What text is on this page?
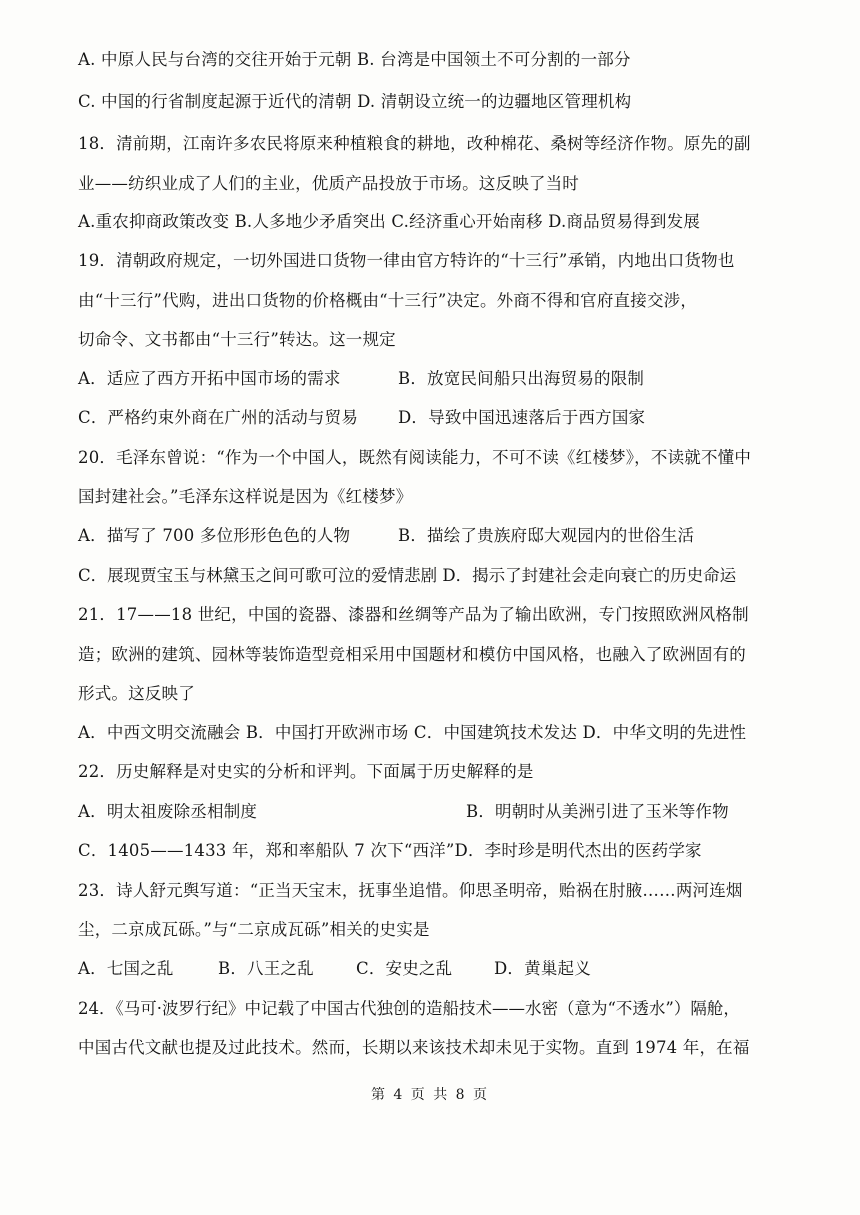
A. 中原人民与台湾的交往开始于元朝 B. 台湾是中国领土不可分割的一部分
C. 中国的行省制度起源于近代的清朝 D. 清朝设立统一的边疆地区管理机构
18．清前期，江南许多农民将原来种植粮食的耕地，改种棉花、桑树等经济作物。原先的副
业——纺织业成了人们的主业，优质产品投放于市场。这反映了当时
A.重农抑商政策改变 B.人多地少矛盾突出 C.经济重心开始南移 D.商品贸易得到发展
19．清朝政府规定，一切外国进口货物一律由官方特许的“十三行”承销，内地出口货物也
由“十三行”代购，进出口货物的价格概由“十三行”决定。外商不得和官府直接交涉，
切命令、文书都由“十三行”转达。这一规定
A．适应了西方开拓中国市场的需求	B．放宽民间船只出海贸易的限制
C．严格约束外商在广州的活动与贸易	D．导致中国迅速落后于西方国家
20．毛泽东曾说：“作为一个中国人，既然有阅读能力，不可不读《红楼梦》，不读就不懂中
国封建社会。”毛泽东这样说是因为《红楼梦》
A．描写了 700 多位形形色色的人物	B．描绘了贵族府邸大观园内的世俗生活
C．展现贾宝玉与林黛玉之间可歌可泣的爱情悲剧 D．揭示了封建社会走向衰亡的历史命运
21．17——18 世纪，中国的瓷器、漆器和丝绸等产品为了输出欧洲，专门按照欧洲风格制
造；欧洲的建筑、园林等装饰造型竞相采用中国题材和模仿中国风格，也融入了欧洲固有的
形式。这反映了
A．中西文明交流融会 B．中国打开欧洲市场 C．中国建筑技术发达 D．中华文明的先进性
22．历史解释是对史实的分析和评判。下面属于历史解释的是
A．明太祖废除丞相制度	B．明朝时从美洲引进了玉米等作物
C．1405——1433 年，郑和率船队 7 次下“西洋”D．李时珍是明代杰出的医药学家
23．诗人舒元舆写道：“正当天宝末，抚事坐追惜。仰思圣明帝，贻祸在肘腋……两河连烟
尘，二京成瓦砾。”与“二京成瓦砾”相关的史实是
A．七国之乱	B．八王之乱	C．安史之乱	D．黄巢起义
24．《马可·波罗行纪》中记载了中国古代独创的造船技术——水密（意为“不透水”）隔舱，
中国古代文献也提及过此技术。然而，长期以来该技术却未见于实物。直到 1974 年，在福
第 4 页 共 8 页
